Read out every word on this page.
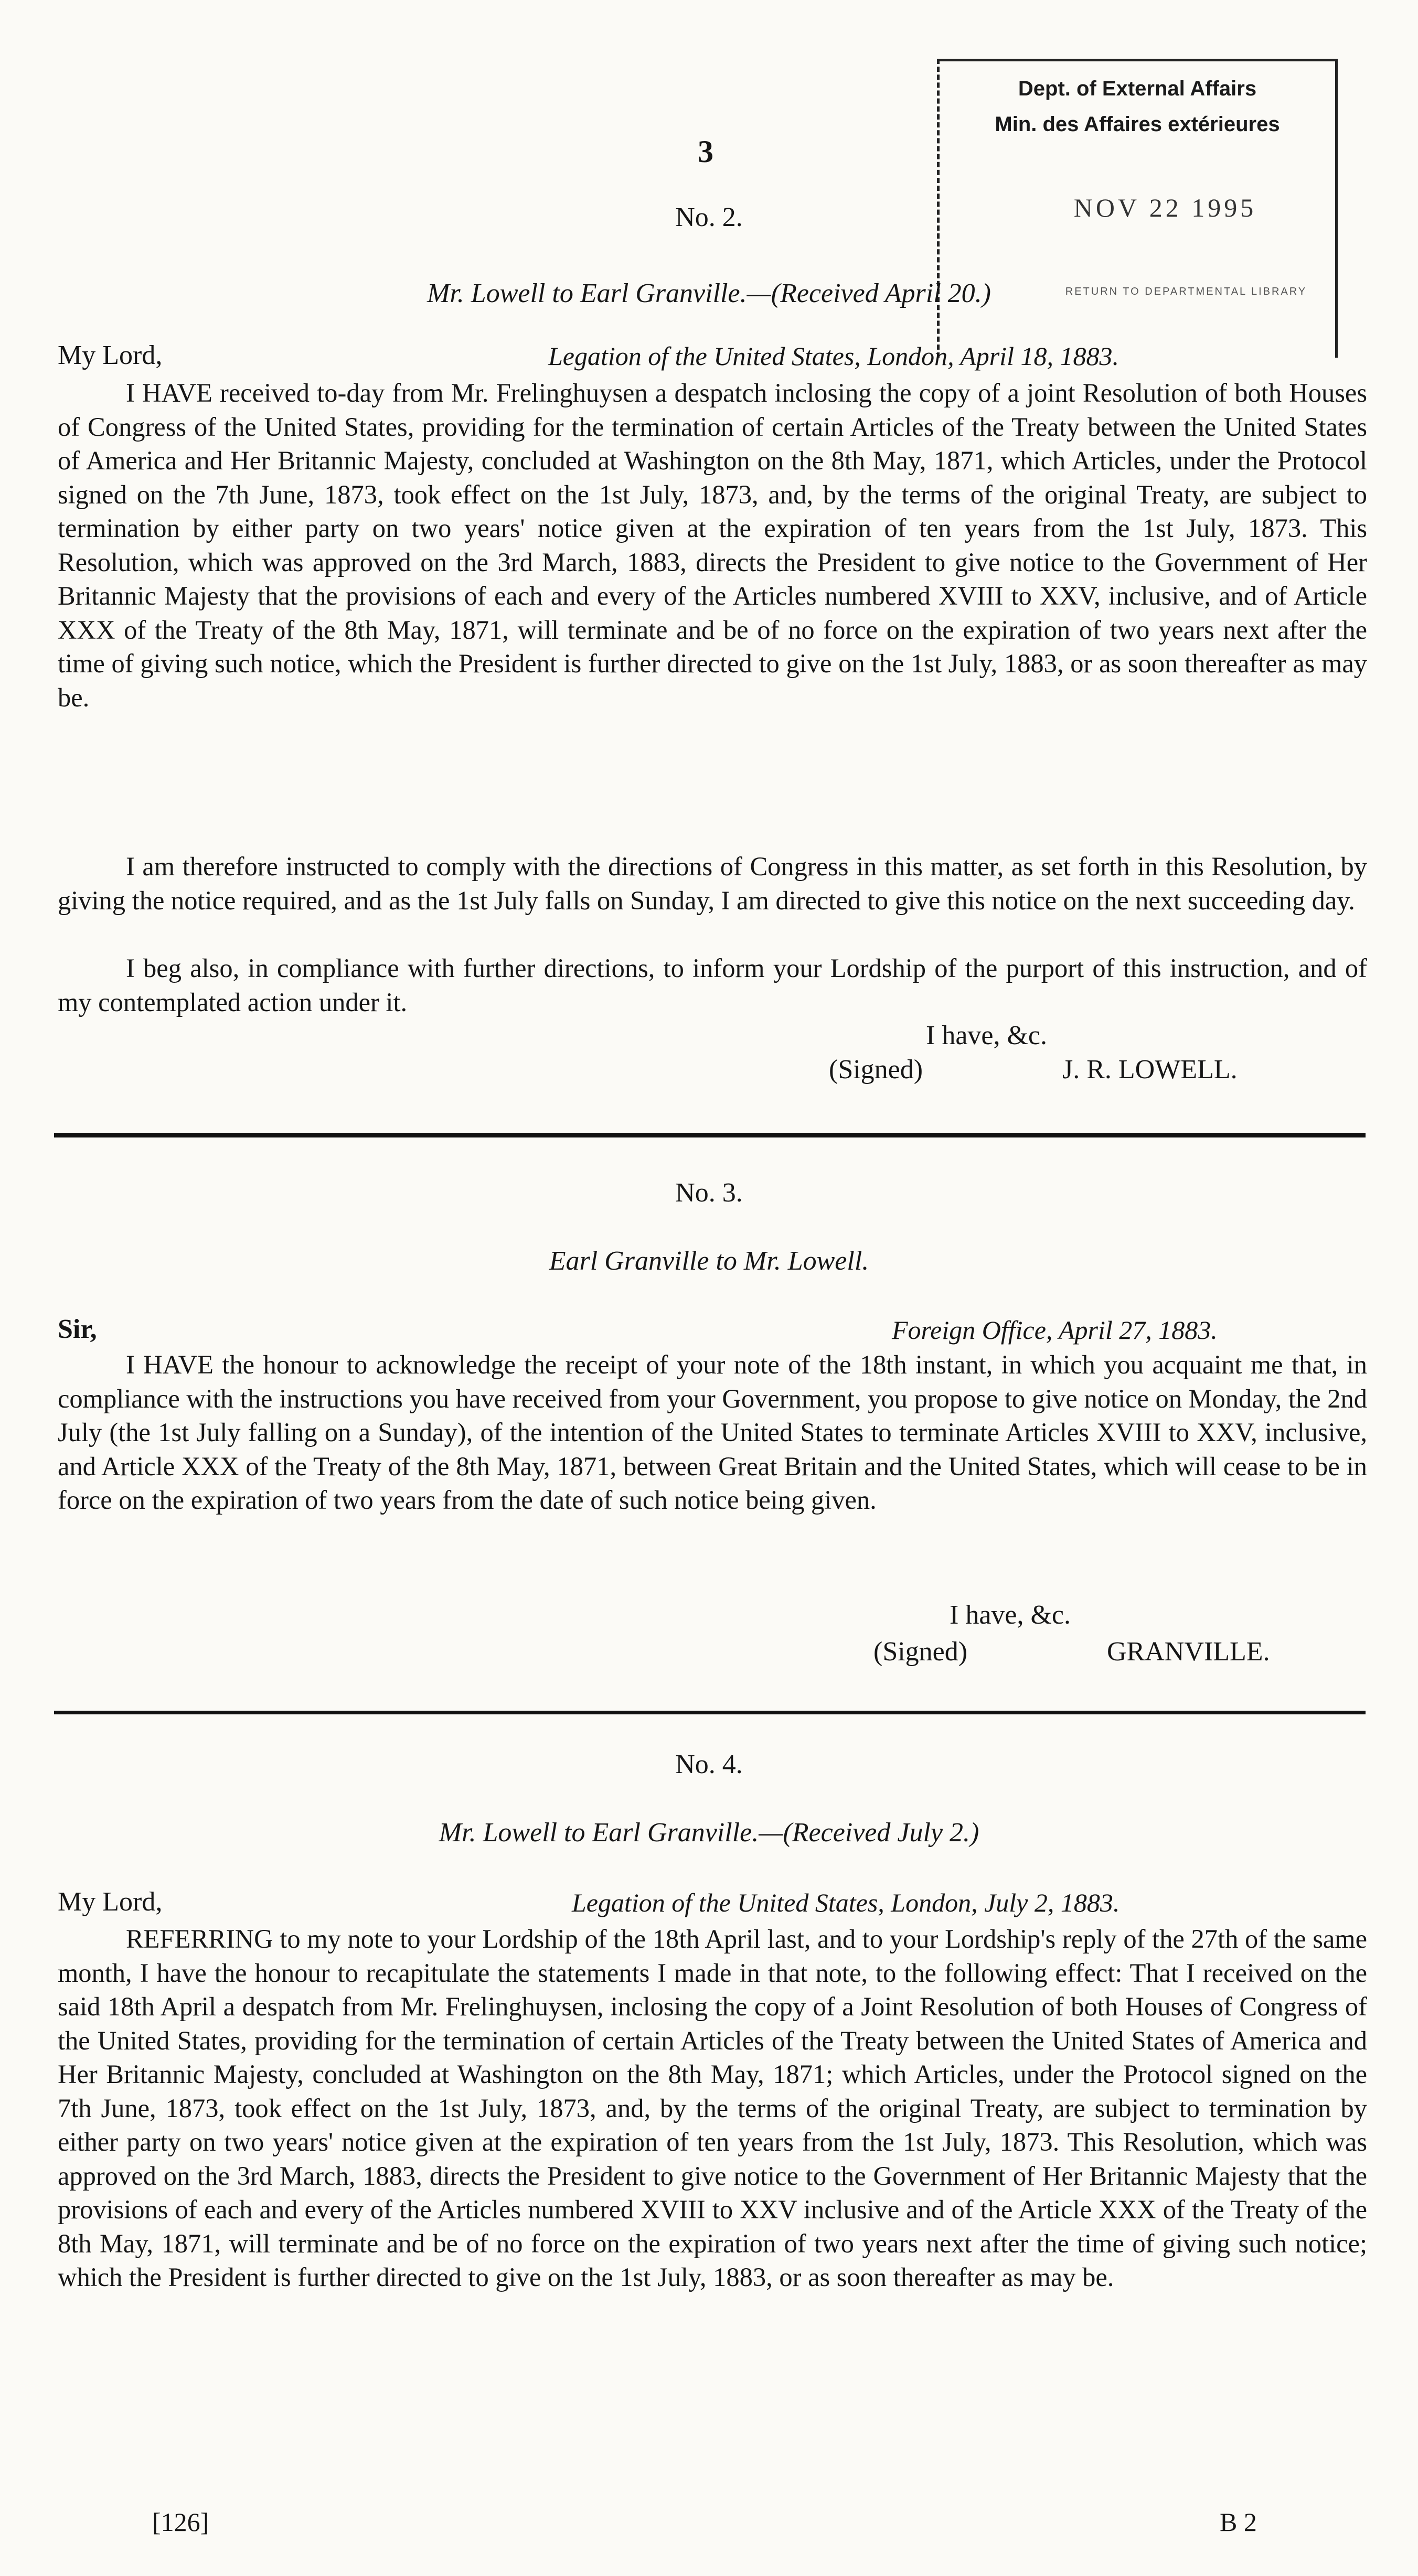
3
Dept. of External Affairs
Min. des Affaires extérieures
NOV 22 1995
RETURN TO DEPARTMENTAL LIBRARY
No. 2.
Mr. Lowell to Earl Granville.—(Received April 20.)
My Lord,	Legation of the United States, London, April 18, 1883.

I HAVE received to-day from Mr. Frelinghuysen a despatch inclosing the copy of a joint Resolution of both Houses of Congress of the United States, providing for the termination of certain Articles of the Treaty between the United States of America and Her Britannic Majesty, concluded at Washington on the 8th May, 1871, which Articles, under the Protocol signed on the 7th June, 1873, took effect on the 1st July, 1873, and, by the terms of the original Treaty, are subject to termination by either party on two years' notice given at the expiration of ten years from the 1st July, 1873. This Resolution, which was approved on the 3rd March, 1883, directs the President to give notice to the Government of Her Britannic Majesty that the provisions of each and every of the Articles numbered XVIII to XXV, inclusive, and of Article XXX of the Treaty of the 8th May, 1871, will terminate and be of no force on the expiration of two years next after the time of giving such notice, which the President is further directed to give on the 1st July, 1883, or as soon thereafter as may be.

I am therefore instructed to comply with the directions of Congress in this matter, as set forth in this Resolution, by giving the notice required, and as the 1st July falls on Sunday, I am directed to give this notice on the next succeeding day.

I beg also, in compliance with further directions, to inform your Lordship of the purport of this instruction, and of my contemplated action under it.

I have, &c.
(Signed)	J. R. LOWELL.
No. 3.
Earl Granville to Mr. Lowell.
Sir,	Foreign Office, April 27, 1883.

I HAVE the honour to acknowledge the receipt of your note of the 18th instant, in which you acquaint me that, in compliance with the instructions you have received from your Government, you propose to give notice on Monday, the 2nd July (the 1st July falling on a Sunday), of the intention of the United States to terminate Articles XVIII to XXV, inclusive, and Article XXX of the Treaty of the 8th May, 1871, between Great Britain and the United States, which will cease to be in force on the expiration of two years from the date of such notice being given.

I have, &c.
(Signed)	GRANVILLE.
No. 4.
Mr. Lowell to Earl Granville.—(Received July 2.)
My Lord,	Legation of the United States, London, July 2, 1883.

REFERRING to my note to your Lordship of the 18th April last, and to your Lordship's reply of the 27th of the same month, I have the honour to recapitulate the statements I made in that note, to the following effect: That I received on the said 18th April a despatch from Mr. Frelinghuysen, inclosing the copy of a Joint Resolution of both Houses of Congress of the United States, providing for the termination of certain Articles of the Treaty between the United States of America and Her Britannic Majesty, concluded at Washington on the 8th May, 1871; which Articles, under the Protocol signed on the 7th June, 1873, took effect on the 1st July, 1873, and, by the terms of the original Treaty, are subject to termination by either party on two years' notice given at the expiration of ten years from the 1st July, 1873. This Resolution, which was approved on the 3rd March, 1883, directs the President to give notice to the Government of Her Britannic Majesty that the provisions of each and every of the Articles numbered XVIII to XXV inclusive and of the Article XXX of the Treaty of the 8th May, 1871, will terminate and be of no force on the expiration of two years next after the time of giving such notice; which the President is further directed to give on the 1st July, 1883, or as soon thereafter as may be.

[126]	B 2
